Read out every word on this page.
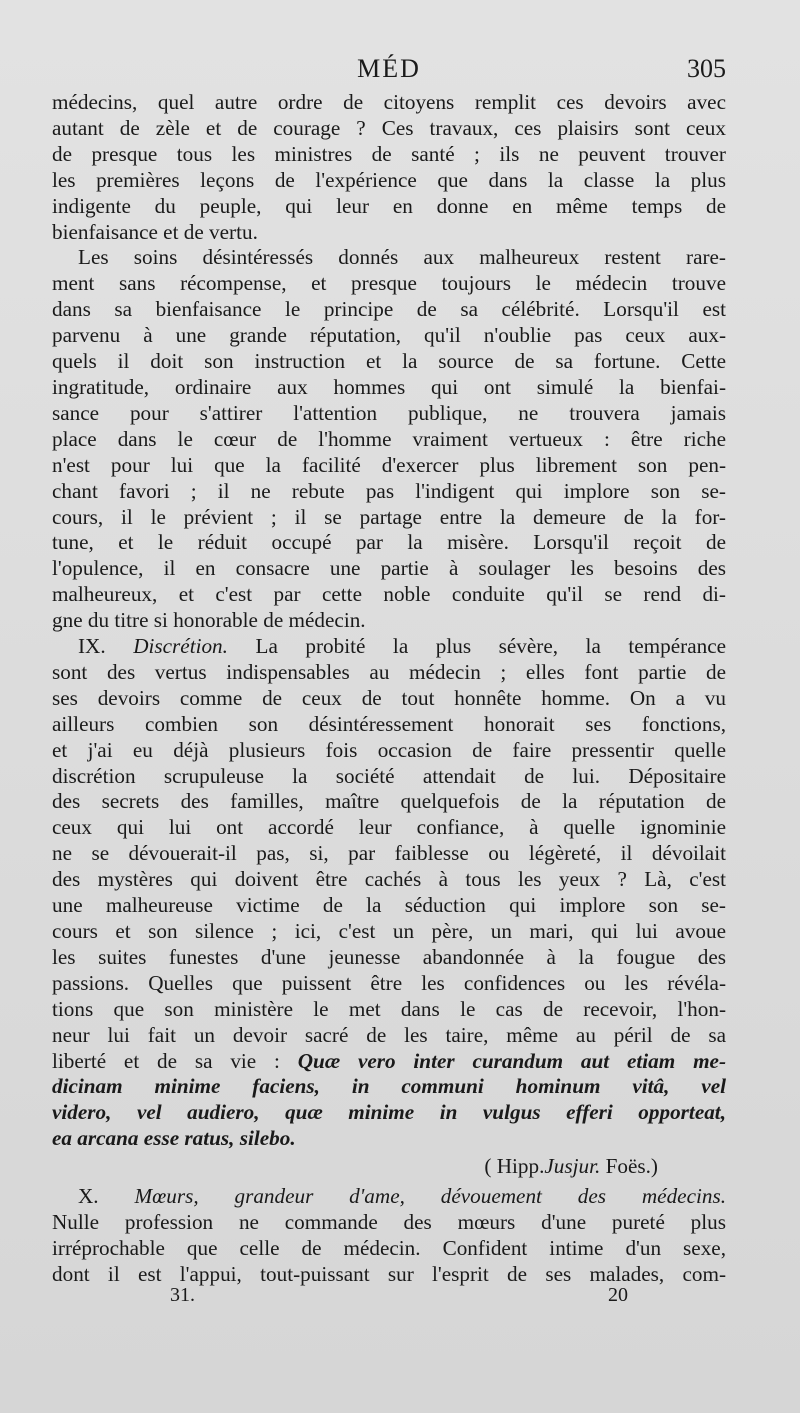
MÉD	305

médecins, quel autre ordre de citoyens remplit ces devoirs avec

autant de zèle et de courage ? Ces travaux, ces plaisirs sont ceux

de presque tous les ministres de santé ; ils ne peuvent trouver

les premières leçons de l'expérience que dans la classe la plus

indigente du peuple, qui leur en donne en même temps de

bienfaisance et de vertu.

Les soins désintéressés donnés aux malheureux restent rare-

ment sans récompense, et presque toujours le médecin trouve

dans sa bienfaisance le principe de sa célébrité. Lorsqu'il est

parvenu à une grande réputation, qu'il n'oublie pas ceux aux-

quels il doit son instruction et la source de sa fortune. Cette

ingratitude, ordinaire aux hommes qui ont simulé la bienfai-

sance pour s'attirer l'attention publique, ne trouvera jamais

place dans le cœur de l'homme vraiment vertueux : être riche

n'est pour lui que la facilité d'exercer plus librement son pen-

chant favori ; il ne rebute pas l'indigent qui implore son se-

cours, il le prévient ; il se partage entre la demeure de la for-

tune, et le réduit occupé par la misère. Lorsqu'il reçoit de

l'opulence, il en consacre une partie à soulager les besoins des

malheureux, et c'est par cette noble conduite qu'il se rend di-

gne du titre si honorable de médecin.

IX. Discrétion. La probité la plus sévère, la tempérance

sont des vertus indispensables au médecin ; elles font partie de

ses devoirs comme de ceux de tout honnête homme. On a vu

ailleurs combien son désintéressement honorait ses fonctions,

et j'ai eu déjà plusieurs fois occasion de faire pressentir quelle

discrétion scrupuleuse la société attendait de lui. Dépositaire

des secrets des familles, maître quelquefois de la réputation de

ceux qui lui ont accordé leur confiance, à quelle ignominie

ne se dévouerait-il pas, si, par faiblesse ou légèreté, il dévoilait

des mystères qui doivent être cachés à tous les yeux ? Là, c'est

une malheureuse victime de la séduction qui implore son se-

cours et son silence ; ici, c'est un père, un mari, qui lui avoue

les suites funestes d'une jeunesse abandonnée à la fougue des

passions. Quelles que puissent être les confidences ou les révéla-

tions que son ministère le met dans le cas de recevoir, l'hon-

neur lui fait un devoir sacré de les taire, même au péril de sa

liberté et de sa vie : Quæ vero inter curandum aut etiam me-

dicinam minime faciens, in communi hominum vitâ, vel

videro, vel audiero, quæ minime in vulgus efferi opporteat,

ea arcana esse ratus, silebo.

( Hipp.Jusjur. Foës.)

X. Mœurs, grandeur d'ame, dévouement des médecins.

Nulle profession ne commande des mœurs d'une pureté plus

irréprochable que celle de médecin. Confident intime d'un sexe,

dont il est l'appui, tout-puissant sur l'esprit de ses malades, com-

31.	20
